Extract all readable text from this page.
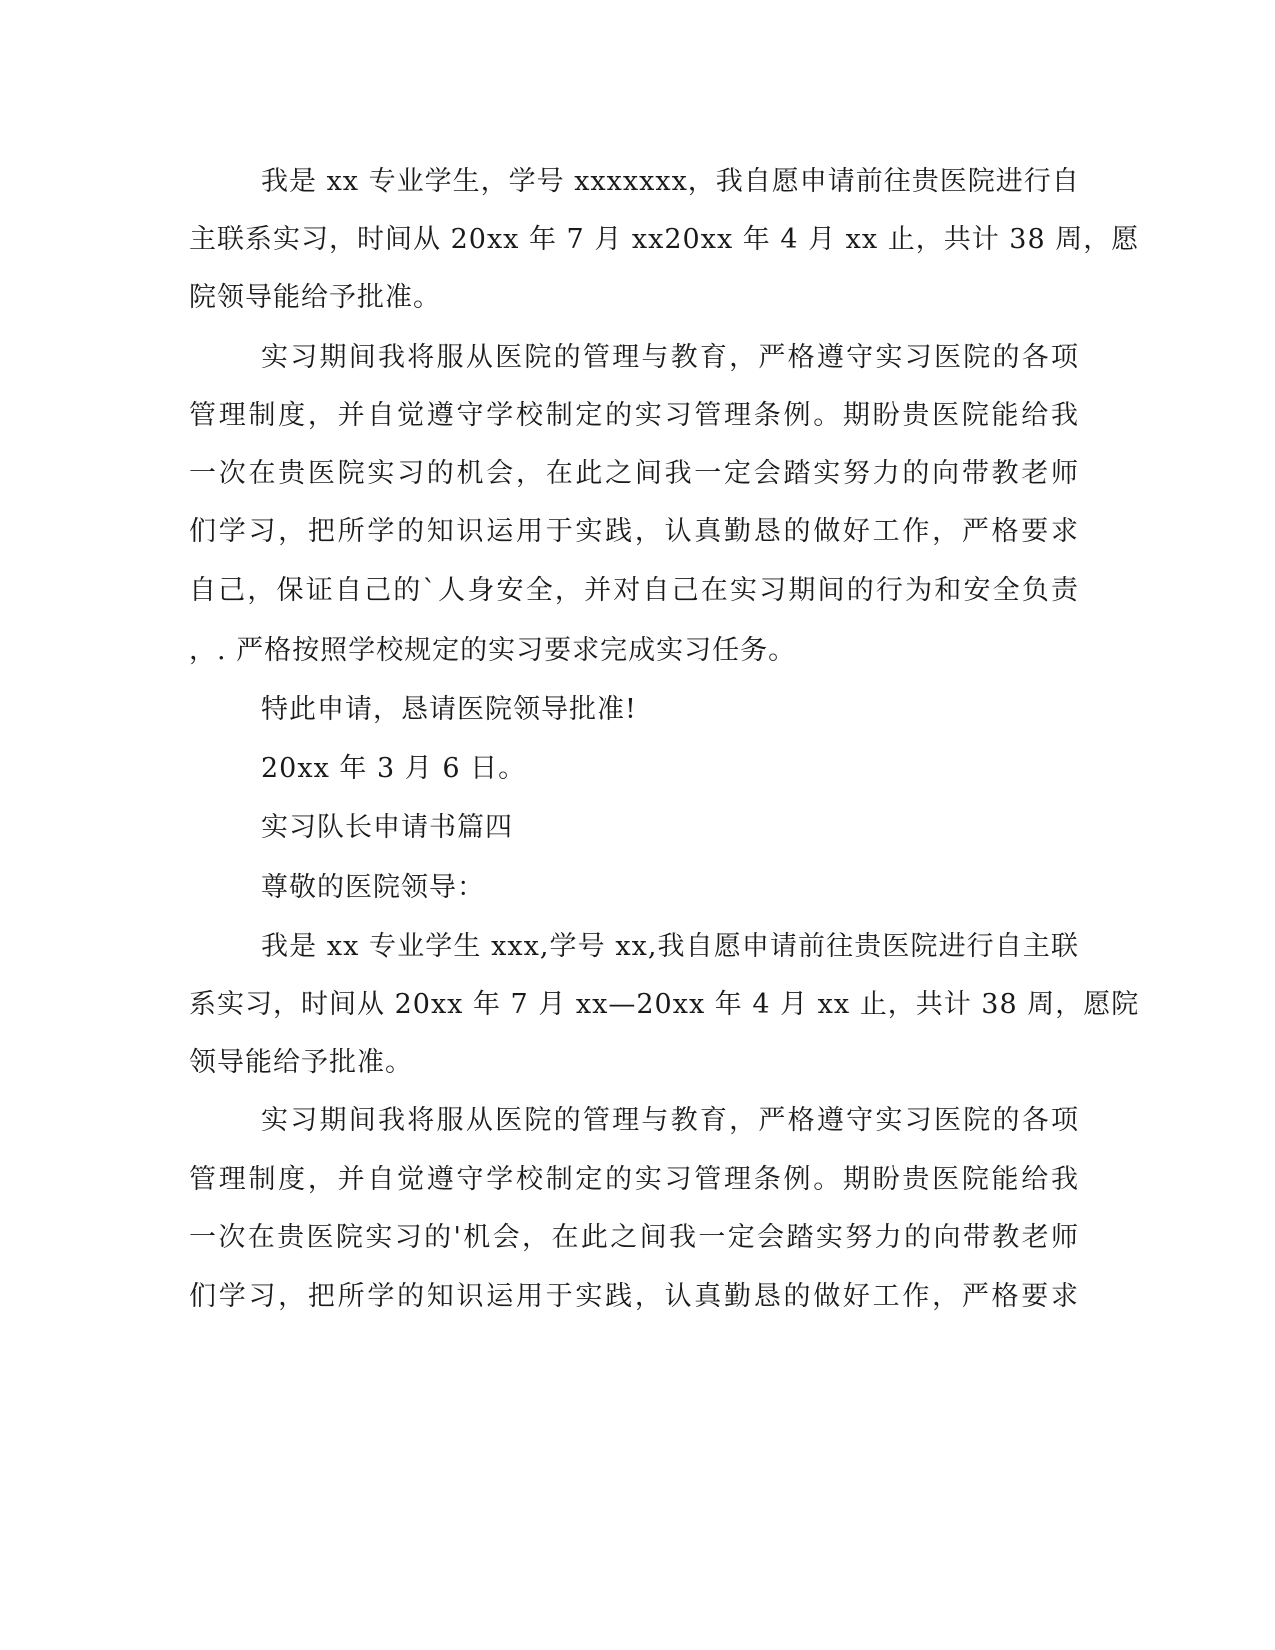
我是 xx 专业学生，学号 xxxxxxx，我自愿申请前往贵医院进行自
主联系实习，时间从 20xx 年 7 月 xx20xx 年 4 月 xx 止，共计 38 周，愿
院领导能给予批准。
实习期间我将服从医院的管理与教育，严格遵守实习医院的各项
管理制度，并自觉遵守学校制定的实习管理条例。期盼贵医院能给我
一次在贵医院实习的机会，在此之间我一定会踏实努力的向带教老师
们学习，把所学的知识运用于实践，认真勤恳的做好工作，严格要求
自己，保证自己的`人身安全，并对自己在实习期间的行为和安全负责
，. 严格按照学校规定的实习要求完成实习任务。
特此申请，恳请医院领导批准!
20xx 年 3 月 6 日。
实习队长申请书篇四
尊敬的医院领导：
我是 xx 专业学生 xxx,学号 xx,我自愿申请前往贵医院进行自主联
系实习，时间从 20xx 年 7 月 xx—20xx 年 4 月 xx 止，共计 38 周，愿院
领导能给予批准。
实习期间我将服从医院的管理与教育，严格遵守实习医院的各项
管理制度，并自觉遵守学校制定的实习管理条例。期盼贵医院能给我
一次在贵医院实习的'机会，在此之间我一定会踏实努力的向带教老师
们学习，把所学的知识运用于实践，认真勤恳的做好工作，严格要求
